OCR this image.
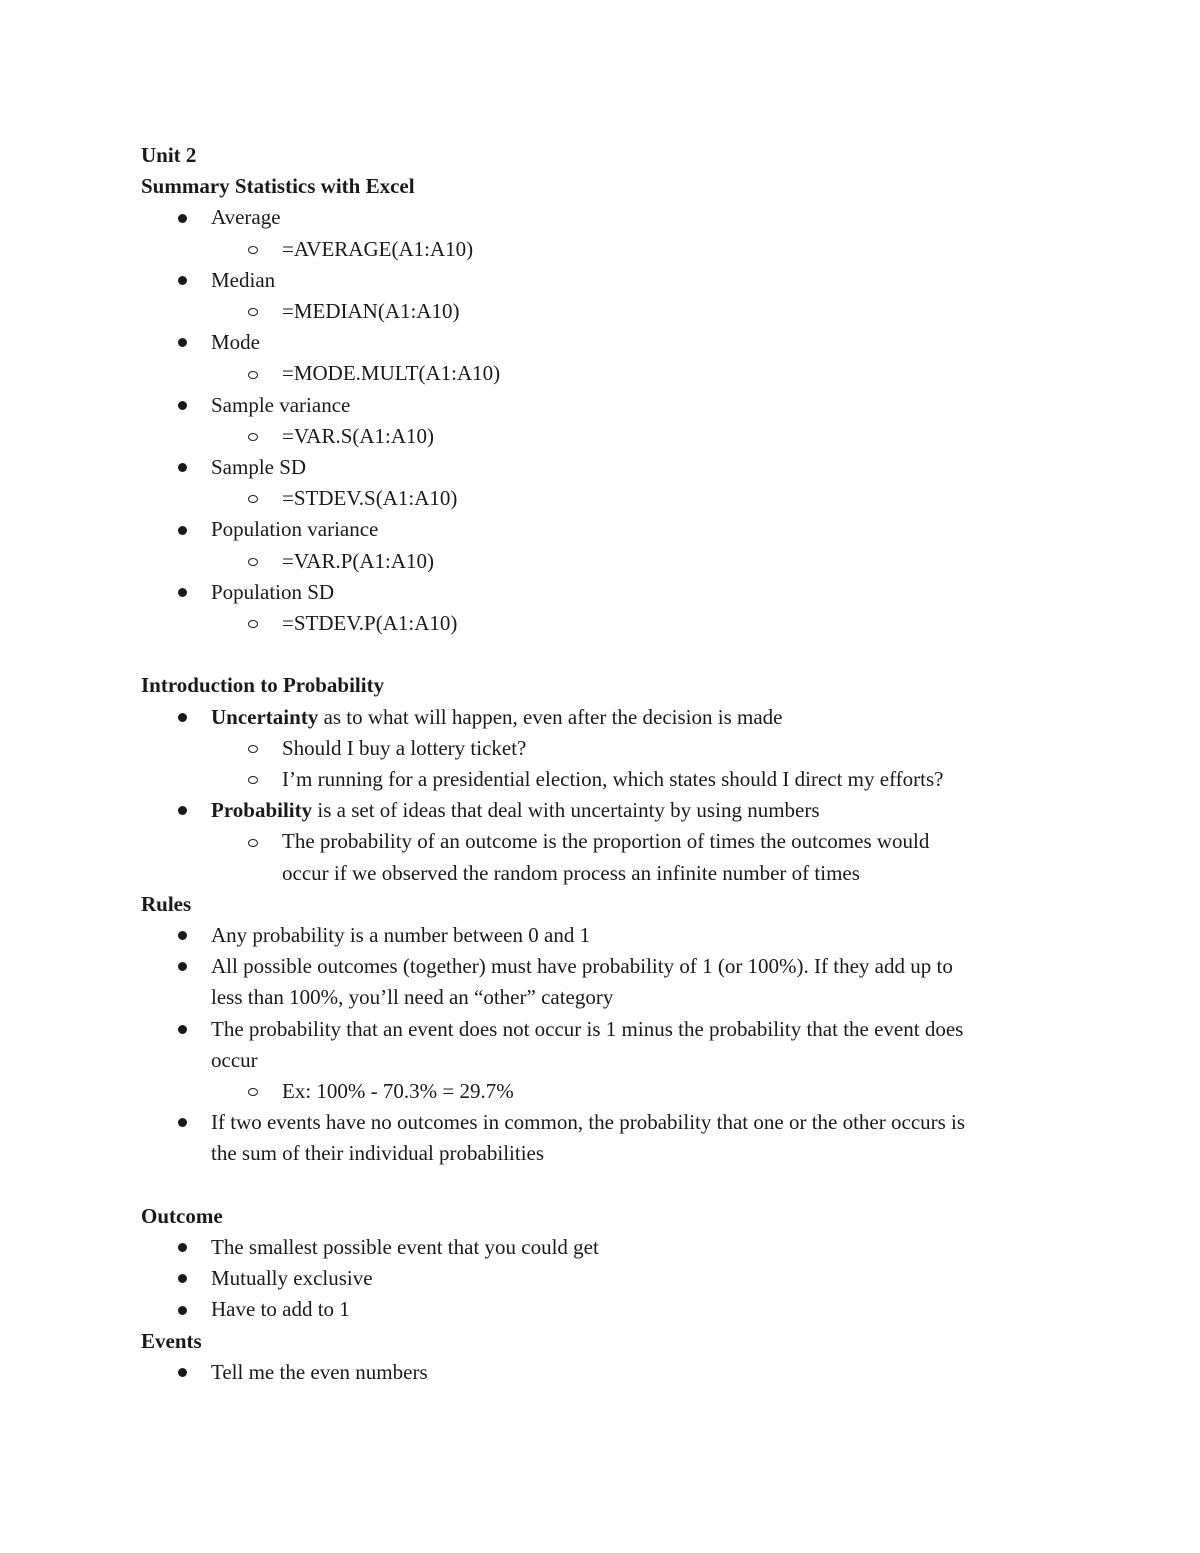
Unit 2
Summary Statistics with Excel
Average
=AVERAGE(A1:A10)
Median
=MEDIAN(A1:A10)
Mode
=MODE.MULT(A1:A10)
Sample variance
=VAR.S(A1:A10)
Sample SD
=STDEV.S(A1:A10)
Population variance
=VAR.P(A1:A10)
Population SD
=STDEV.P(A1:A10)
Introduction to Probability
Uncertainty as to what will happen, even after the decision is made
Should I buy a lottery ticket?
I’m running for a presidential election, which states should I direct my efforts?
Probability is a set of ideas that deal with uncertainty by using numbers
The probability of an outcome is the proportion of times the outcomes would
occur if we observed the random process an infinite number of times
Rules
Any probability is a number between 0 and 1
All possible outcomes (together) must have probability of 1 (or 100%). If they add up to
less than 100%, you’ll need an “other” category
The probability that an event does not occur is 1 minus the probability that the event does
occur
Ex: 100% - 70.3% = 29.7%
If two events have no outcomes in common, the probability that one or the other occurs is
the sum of their individual probabilities
Outcome
The smallest possible event that you could get
Mutually exclusive
Have to add to 1
Events
Tell me the even numbers
